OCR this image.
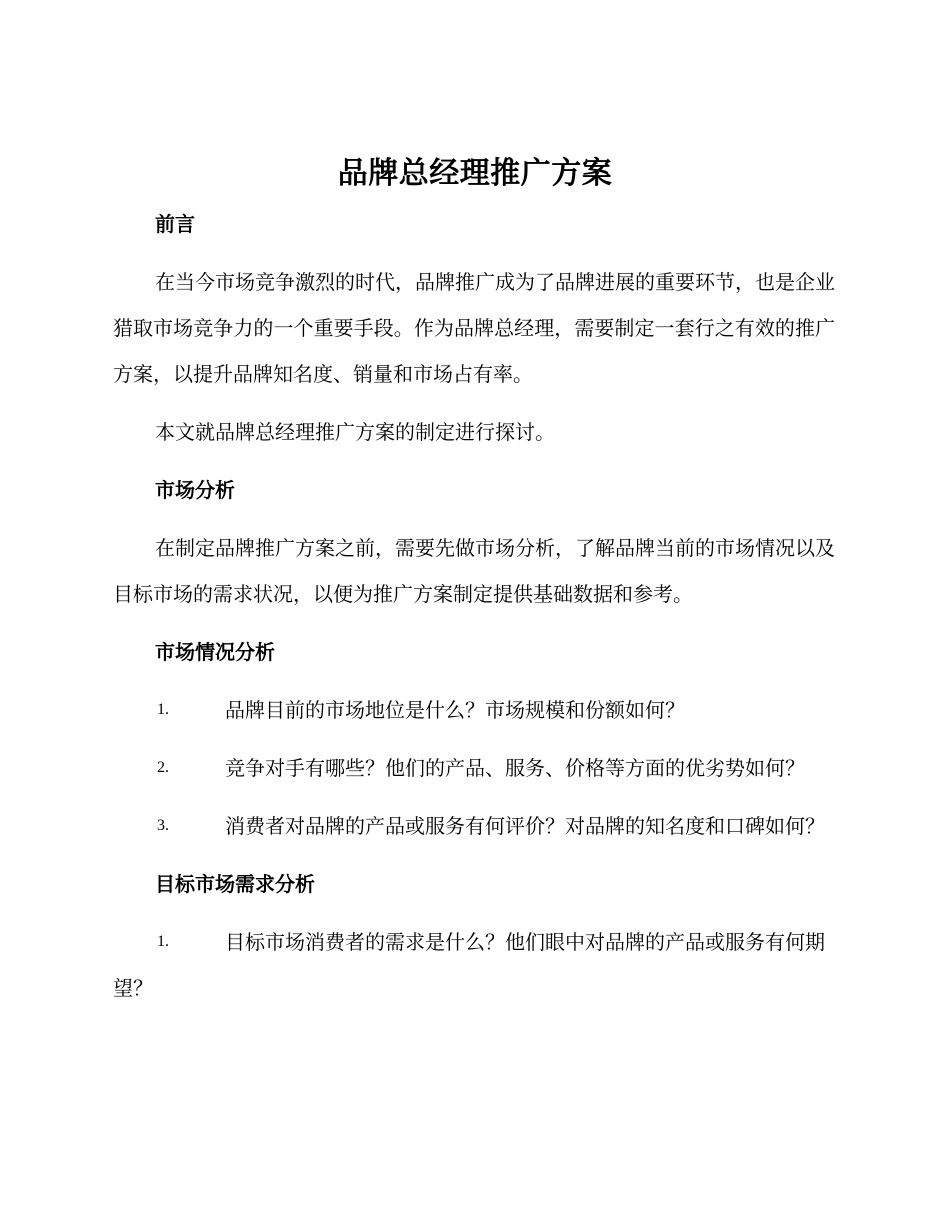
品牌总经理推广方案
前言
在当今市场竞争激烈的时代，品牌推广成为了品牌进展的重要环节，也是企业猎取市场竞争力的一个重要手段。作为品牌总经理，需要制定一套行之有效的推广方案，以提升品牌知名度、销量和市场占有率。
本文就品牌总经理推广方案的制定进行探讨。
市场分析
在制定品牌推广方案之前，需要先做市场分析，了解品牌当前的市场情况以及目标市场的需求状况，以便为推广方案制定提供基础数据和参考。
市场情况分析
1.	品牌目前的市场地位是什么？市场规模和份额如何？
2.	竞争对手有哪些？他们的产品、服务、价格等方面的优劣势如何？
3.	消费者对品牌的产品或服务有何评价？对品牌的知名度和口碑如何？
目标市场需求分析
1.	目标市场消费者的需求是什么？他们眼中对品牌的产品或服务有何期望？
